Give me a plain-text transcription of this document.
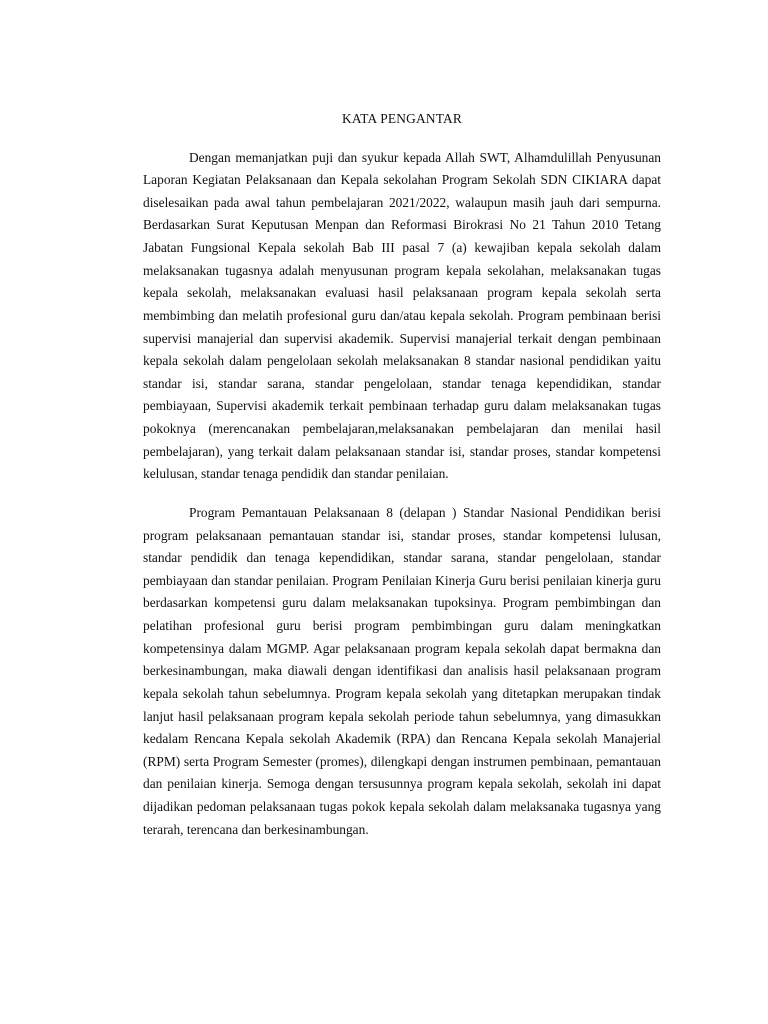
KATA PENGANTAR

Dengan memanjatkan puji dan syukur kepada Allah SWT, Alhamdulillah Penyusunan Laporan Kegiatan Pelaksanaan dan Kepala sekolahan Program Sekolah SDN CIKIARA dapat diselesaikan pada awal tahun pembelajaran 2021/2022, walaupun masih jauh dari sempurna. Berdasarkan Surat Keputusan Menpan dan Reformasi Birokrasi No 21 Tahun 2010 Tetang Jabatan Fungsional Kepala sekolah Bab III pasal 7 (a) kewajiban kepala sekolah dalam melaksanakan tugasnya adalah menyusunan program kepala sekolahan, melaksanakan tugas kepala sekolah, melaksanakan evaluasi hasil pelaksanaan program kepala sekolah serta membimbing dan melatih profesional guru dan/atau kepala sekolah. Program pembinaan berisi supervisi manajerial dan supervisi akademik. Supervisi manajerial terkait dengan pembinaan kepala sekolah dalam pengelolaan sekolah melaksanakan 8 standar nasional pendidikan yaitu standar isi, standar sarana, standar pengelolaan, standar tenaga kependidikan, standar pembiayaan, Supervisi akademik terkait pembinaan terhadap guru dalam melaksanakan tugas pokoknya (merencanakan pembelajaran,melaksanakan pembelajaran dan menilai hasil pembelajaran), yang terkait dalam pelaksanaan standar isi, standar proses, standar kompetensi kelulusan, standar tenaga pendidik dan standar penilaian.

Program Pemantauan Pelaksanaan 8 (delapan ) Standar Nasional Pendidikan berisi program pelaksanaan pemantauan standar isi, standar proses, standar kompetensi lulusan, standar pendidik dan tenaga kependidikan, standar sarana, standar pengelolaan, standar pembiayaan dan standar penilaian. Program Penilaian Kinerja Guru berisi penilaian kinerja guru berdasarkan kompetensi guru dalam melaksanakan tupoksinya. Program pembimbingan dan pelatihan profesional guru berisi program pembimbingan guru dalam meningkatkan kompetensinya dalam MGMP. Agar pelaksanaan program kepala sekolah dapat bermakna dan berkesinambungan, maka diawali dengan identifikasi dan analisis hasil pelaksanaan program kepala sekolah tahun sebelumnya. Program kepala sekolah yang ditetapkan merupakan tindak lanjut hasil pelaksanaan program kepala sekolah periode tahun sebelumnya, yang dimasukkan kedalam Rencana Kepala sekolah Akademik (RPA) dan Rencana Kepala sekolah Manajerial (RPM) serta Program Semester (promes), dilengkapi dengan instrumen pembinaan, pemantauan dan penilaian kinerja. Semoga dengan tersusunnya program kepala sekolah, sekolah ini dapat dijadikan pedoman pelaksanaan tugas pokok kepala sekolah dalam melaksanaka tugasnya yang terarah, terencana dan berkesinambungan.
